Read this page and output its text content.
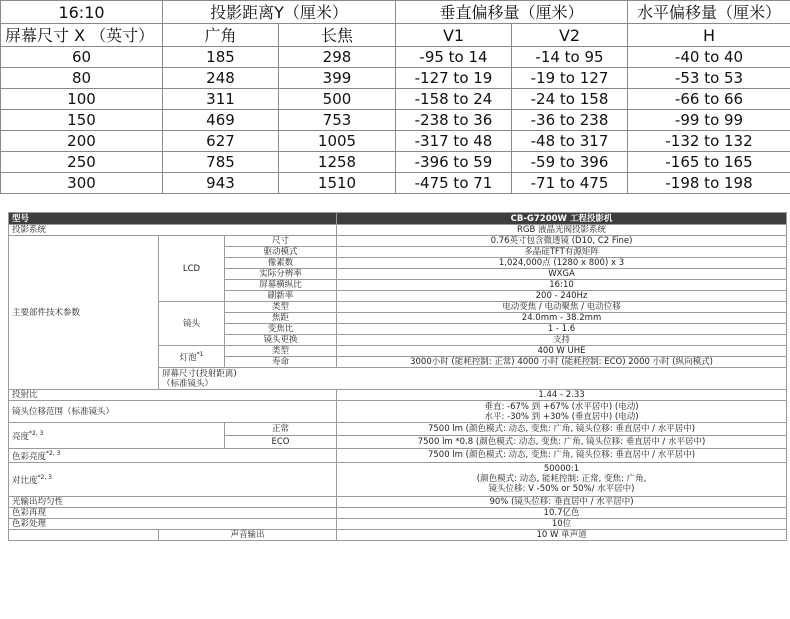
16:10	投影距离Y（厘米）		垂直偏移量（厘米）		水平偏移量（厘米）
屏幕尺寸 X （英寸）	广角	长焦	V1	V2	H
60	185	298	-95 to 14	-14 to 95	-40 to 40
80	248	399	-127 to 19	-19 to 127	-53 to 53
100	311	500	-158 to 24	-24 to 158	-66 to 66
150	469	753	-238 to 36	-36 to 238	-99 to 99
200	627	1005	-317 to 48	-48 to 317	-132 to 132
250	785	1258	-396 to 59	-59 to 396	-165 to 165
300	943	1510	-475 to 71	-71 to 475	-198 to 198
型号			CB-G7200W 工程投影机	
投影系统			RGB 液晶光阀投影系统	
主要部件技术参数	LCD	尺寸	0.76英寸包含微透镜 (D10, C2 Fine)	
		驱动模式	多晶硅TFT有源矩阵	
		像素数	1,024,000点 (1280 x 800) x 3	
		实际分辨率	WXGA	
		屏幕横纵比	16:10	
		刷新率	200 - 240Hz	
	镜头	类型	电动变焦 / 电动聚焦 / 电动位移	
		焦距	24.0mm - 38.2mm	
		变焦比	1 - 1.6	
		镜头更换	支持	
	灯泡$^{*1}$	类型	400 W UHE	
		寿命	3000小时 (能耗控制: 正常) 4000 小时 (能耗控制: ECO) 2000 小时 (纵向模式)	
	屏幕尺寸(投射距离)
（标准镜头）	

投射比			1.44 - 2.33	
镜头位移范围（标准镜头）			垂直: -67% 到 +67% (水平居中) (电动)
水平: -30% 到 +30% (垂直居中) (电动)	
亮度$^{*2, 3}$		正常	7500 lm (颜色模式: 动态, 变焦: 广角, 镜头位移: 垂直居中 / 水平居中)	
		ECO	7500 lm *0.8 (颜色模式: 动态, 变焦: 广角, 镜头位移: 垂直居中 / 水平居中)	
色彩亮度$^{*2, 3}$			7500 lm (颜色模式: 动态, 变焦: 广角, 镜头位移: 垂直居中 / 水平居中)	
对比度$^{*2, 3}$			50000:1
(颜色模式: 动态, 能耗控制: 正常, 变焦: 广角,
镜头位移: V -50% or 50%/ 水平居中)	
光输出均匀性			90% (镜头位移: 垂直居中 / 水平居中)	
色彩再现			10.7亿色	
色彩处理			10位	
	声音输出		10 W 单声道	
